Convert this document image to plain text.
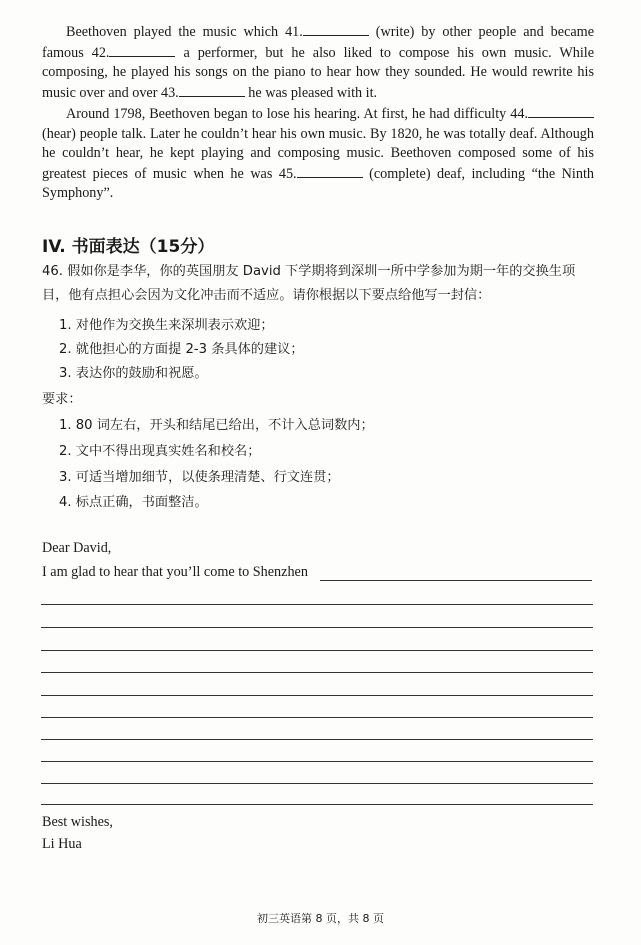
Beethoven played the music which 41.	(write) by other people and became famous 42.	a performer, but he also liked to compose his own music. While composing, he played his songs on the piano to hear how they sounded. He would rewrite his music over and over 43.	he was pleased with it.

Around 1798, Beethoven began to lose his hearing. At first, he had difficulty 44. (hear) people talk. Later he couldn’t hear his own music. By 1820, he was totally deaf. Although he couldn’t hear, he kept playing and composing music. Beethoven composed some of his greatest pieces of music when he was 45.	(complete) deaf, including “the Ninth Symphony”.

IV. 书面表达（15分）

46. 假如你是李华，你的英国朋友 David 下学期将到深圳一所中学参加为期一年的交换生项目，他有点担心会因为文化冲击而不适应。请你根据以下要点给他写一封信：

1. 对他作为交换生来深圳表示欢迎；

2. 就他担心的方面提 2-3 条具体的建议；

3. 表达你的鼓励和祝愿。

要求：

1. 80 词左右，开头和结尾已给出，不计入总词数内；

2. 文中不得出现真实姓名和校名；

3. 可适当增加细节，以使条理清楚、行文连贯；

4. 标点正确，书面整洁。

Dear David,

I am glad to hear that you’ll come to Shenzhen

Best wishes,

Li Hua

初三英语第 8 页，共 8 页
